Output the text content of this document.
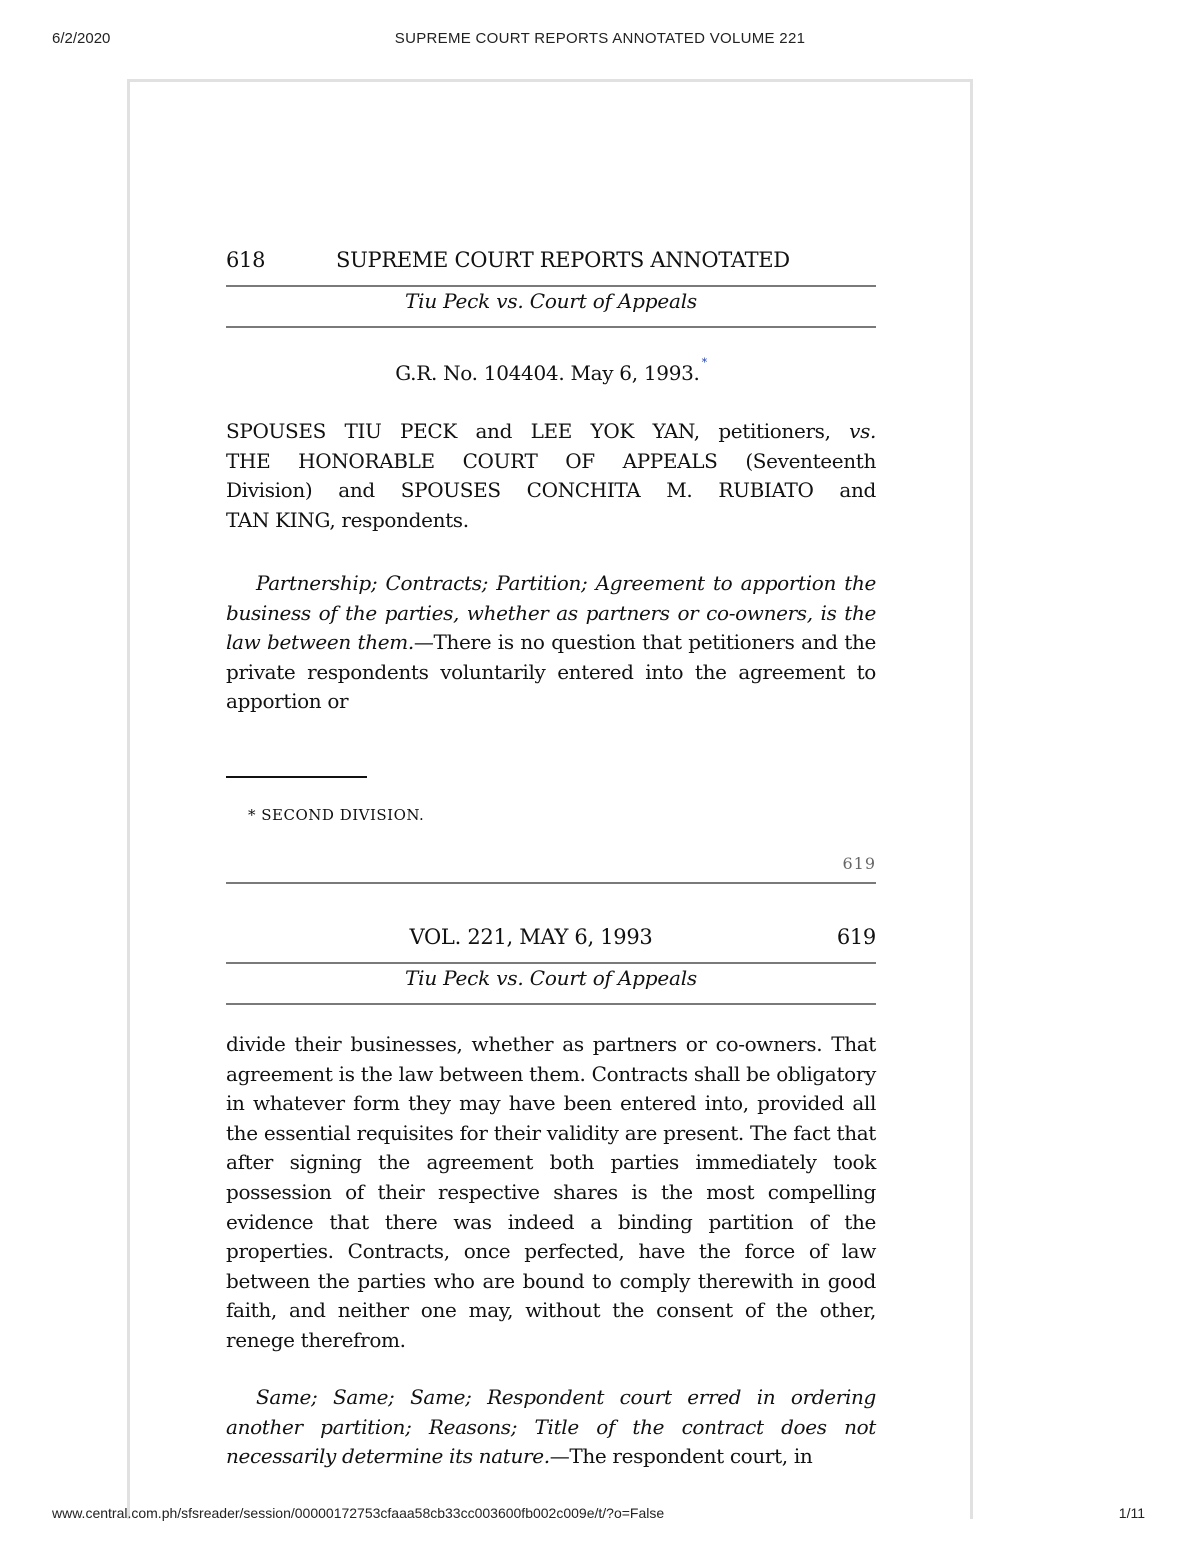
6/2/2020	SUPREME COURT REPORTS ANNOTATED VOLUME 221
618	SUPREME COURT REPORTS ANNOTATED
Tiu Peck vs. Court of Appeals
G.R. No. 104404. May 6, 1993. *
SPOUSES TIU PECK and LEE YOK YAN, petitioners, vs.
THE HONORABLE COURT OF APPEALS (Seventeenth
Division) and SPOUSES CONCHITA M. RUBIATO and
TAN KING, respondents.
Partnership; Contracts; Partition; Agreement to apportion the business of the parties, whether as partners or co-owners, is the law between them.—There is no question that petitioners and the private respondents voluntarily entered into the agreement to apportion or
* SECOND DIVISION.
619
VOL. 221, MAY 6, 1993	619
Tiu Peck vs. Court of Appeals
divide their businesses, whether as partners or co-owners. That agreement is the law between them. Contracts shall be obligatory in whatever form they may have been entered into, provided all the essential requisites for their validity are present. The fact that after signing the agreement both parties immediately took possession of their respective shares is the most compelling evidence that there was indeed a binding partition of the properties. Contracts, once perfected, have the force of law between the parties who are bound to comply therewith in good faith, and neither one may, without the consent of the other, renege therefrom.
Same; Same; Same; Respondent court erred in ordering another partition; Reasons; Title of the contract does not necessarily determine its nature.—The respondent court, in
www.central.com.ph/sfsreader/session/00000172753cfaaa58cb33cc003600fb002c009e/t/?o=False	1/11
